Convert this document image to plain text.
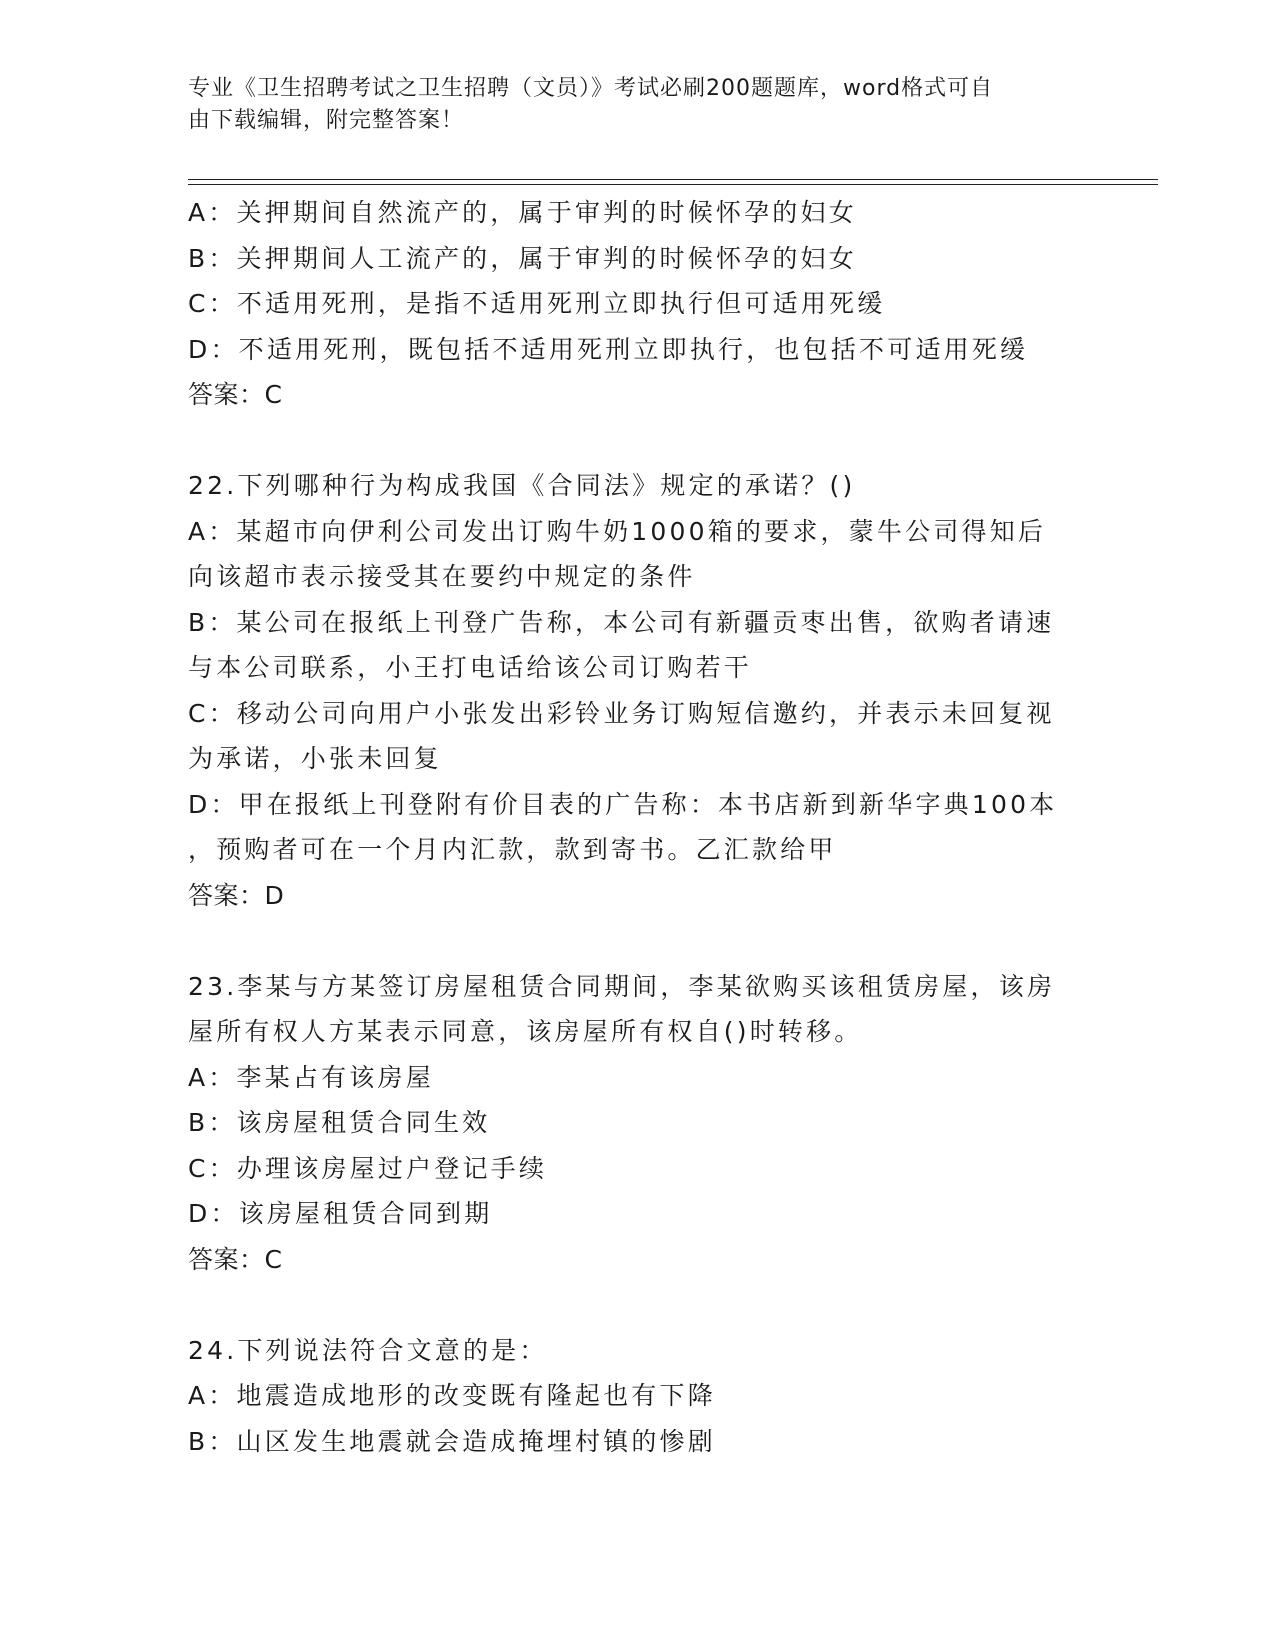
专业《卫生招聘考试之卫生招聘（文员）》考试必刷200题题库，word格式可自
由下载编辑，附完整答案！
A：关押期间自然流产的，属于审判的时候怀孕的妇女
B：关押期间人工流产的，属于审判的时候怀孕的妇女
C：不适用死刑，是指不适用死刑立即执行但可适用死缓
D：不适用死刑，既包括不适用死刑立即执行，也包括不可适用死缓
答案：C
22.下列哪种行为构成我国《合同法》规定的承诺？()
A：某超市向伊利公司发出订购牛奶1000箱的要求，蒙牛公司得知后
向该超市表示接受其在要约中规定的条件
B：某公司在报纸上刊登广告称，本公司有新疆贡枣出售，欲购者请速
与本公司联系，小王打电话给该公司订购若干
C：移动公司向用户小张发出彩铃业务订购短信邀约，并表示未回复视
为承诺，小张未回复
D：甲在报纸上刊登附有价目表的广告称：本书店新到新华字典100本
，预购者可在一个月内汇款，款到寄书。乙汇款给甲
答案：D
23.李某与方某签订房屋租赁合同期间，李某欲购买该租赁房屋，该房
屋所有权人方某表示同意，该房屋所有权自()时转移。
A：李某占有该房屋
B：该房屋租赁合同生效
C：办理该房屋过户登记手续
D：该房屋租赁合同到期
答案：C
24.下列说法符合文意的是：
A：地震造成地形的改变既有隆起也有下降
B：山区发生地震就会造成掩埋村镇的惨剧
